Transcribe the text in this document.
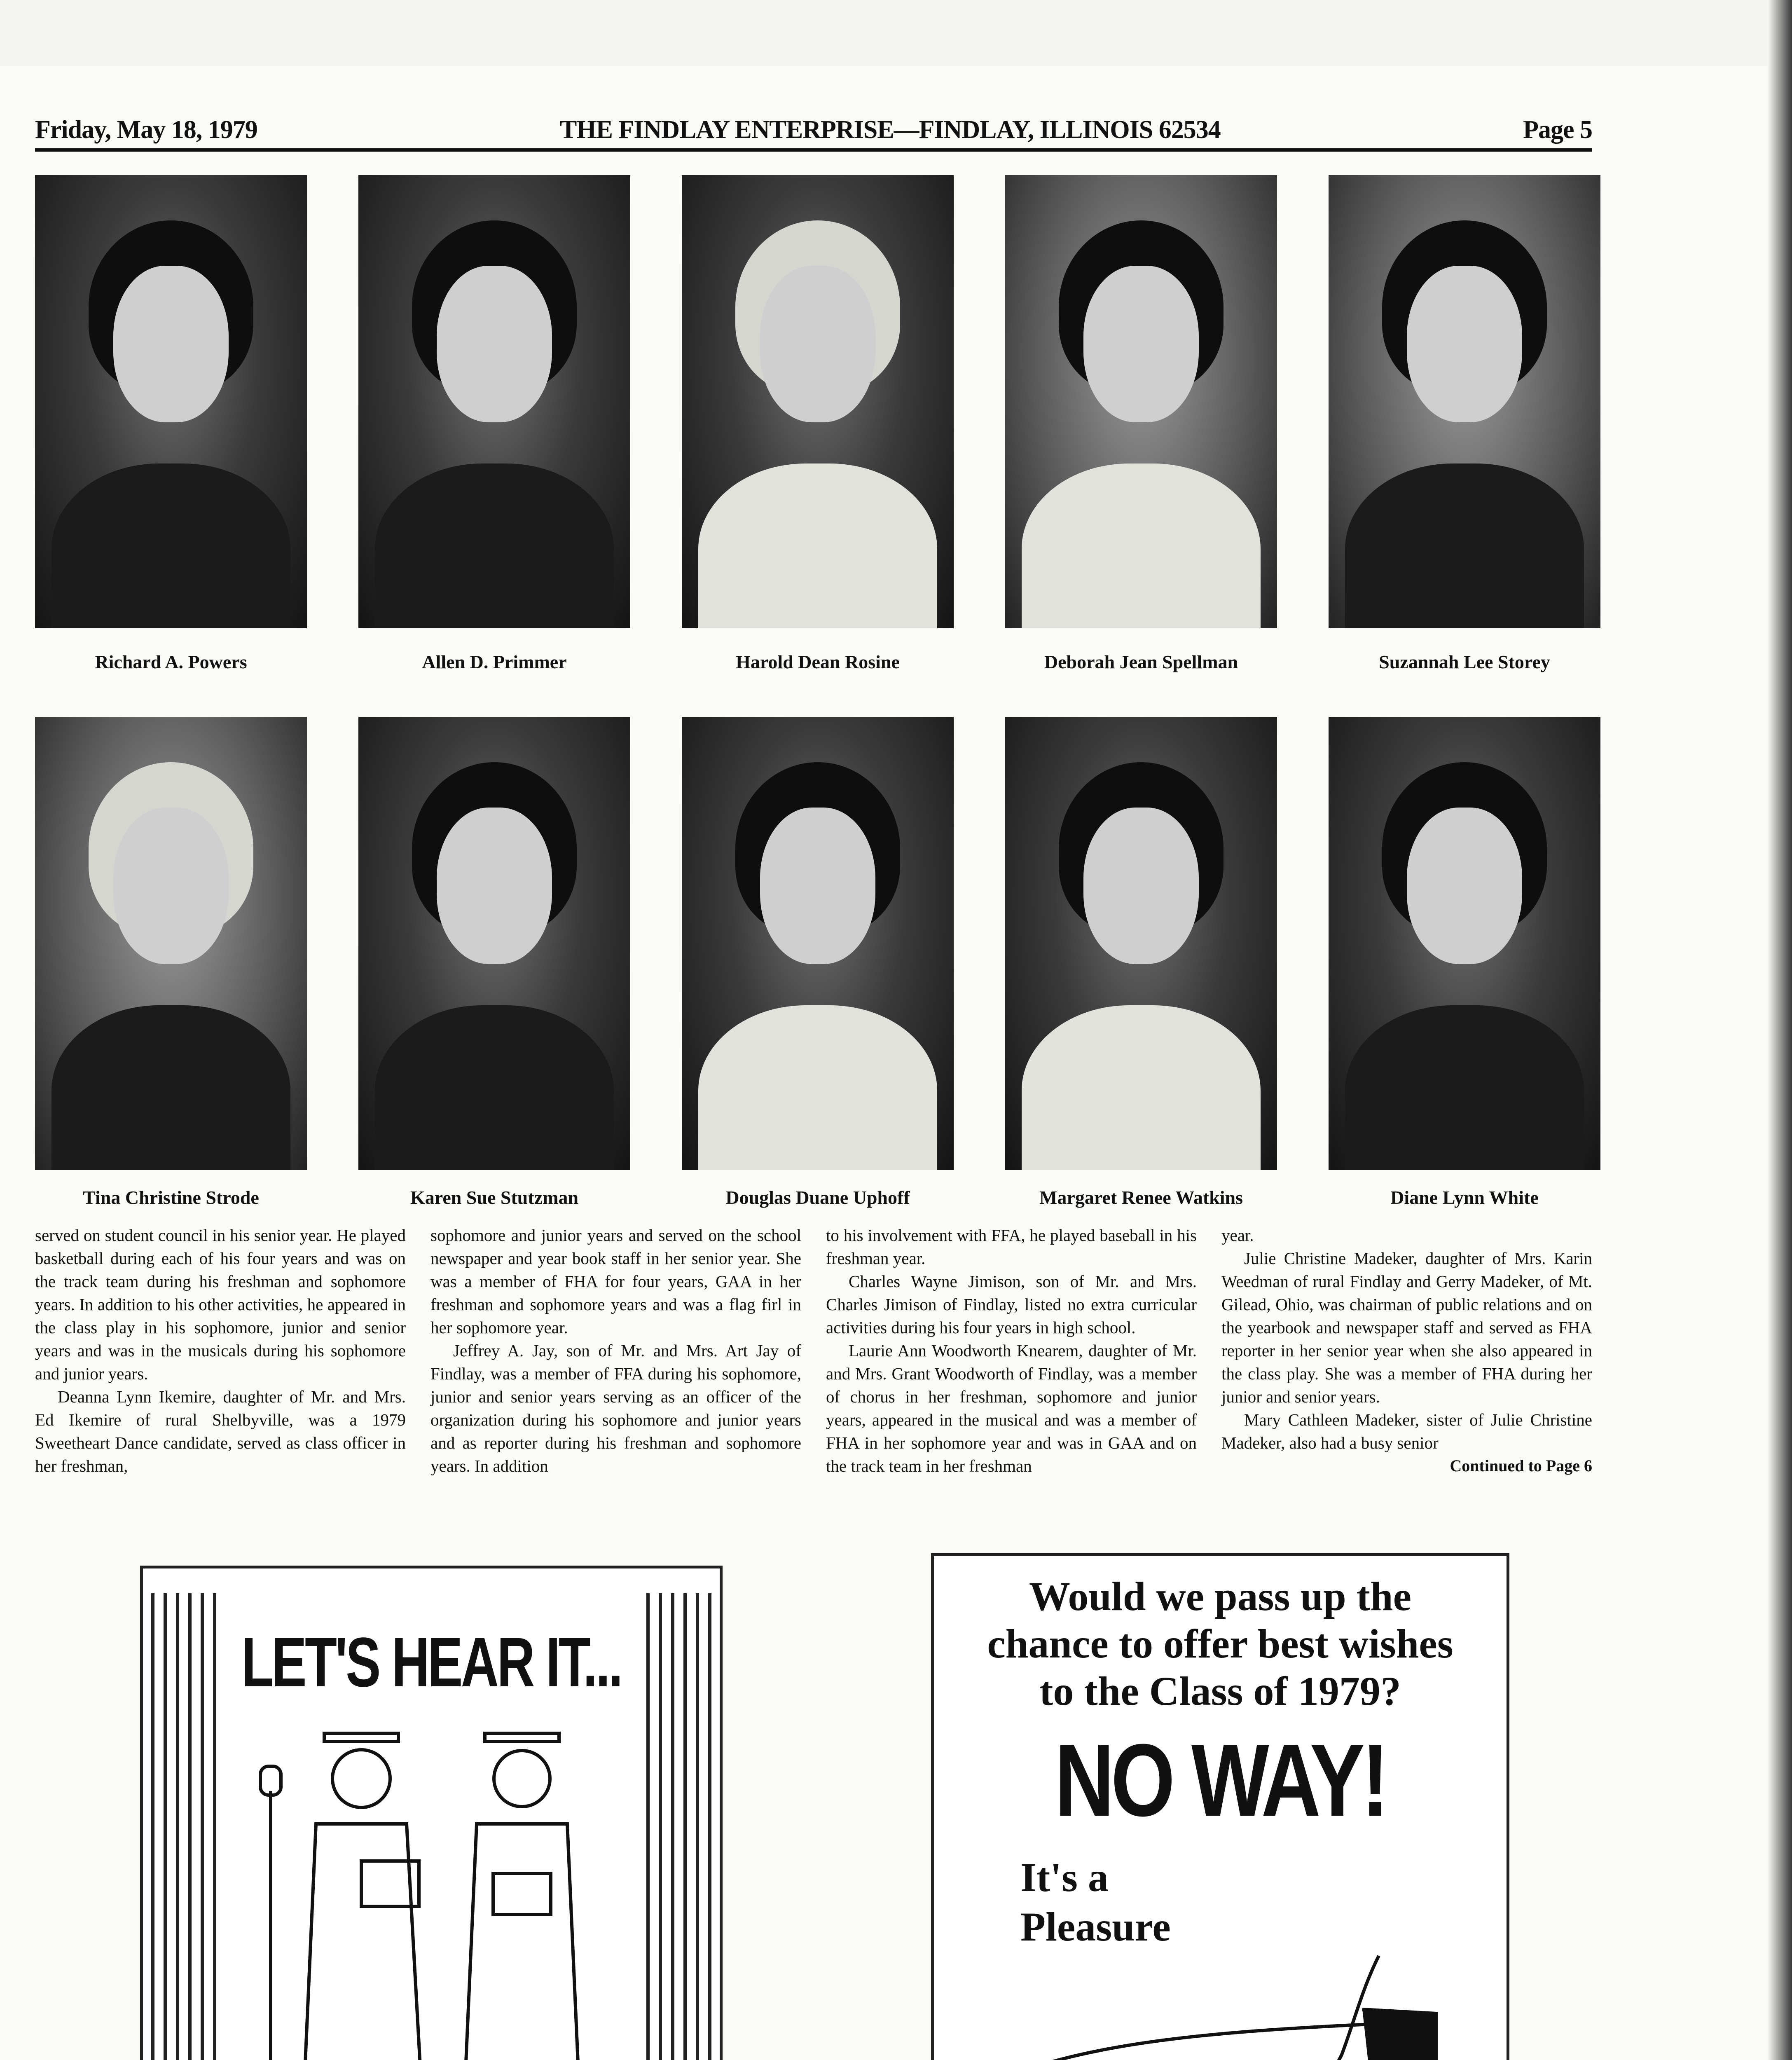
Friday, May 18, 1979	THE FINDLAY ENTERPRISE—FINDLAY, ILLINOIS 62534	Page 5
Richard A. Powers	Allen D. Primmer	Harold Dean Rosine	Deborah Jean Spellman	Suzannah Lee Storey
Tina Christine Strode	Karen Sue Stutzman	Douglas Duane Uphoff	Margaret Renee Watkins	Diane Lynn White

served on student council in his senior year. He played basketball during each of his four years and was on the track team during his freshman and sophomore years. In addition to his other activities, he appeared in the class play in his sophomore, junior and senior years and was in the musicals during his sophomore and junior years.

Deanna Lynn Ikemire, daughter of Mr. and Mrs. Ed Ikemire of rural Shelbyville, was a 1979 Sweetheart Dance candidate, served as class officer in her freshman,

sophomore and junior years and served on the school newspaper and year book staff in her senior year. She was a member of FHA for four years, GAA in her freshman and sophomore years and was a flag firl in her sophomore year.

Jeffrey A. Jay, son of Mr. and Mrs. Art Jay of Findlay, was a member of FFA during his sophomore, junior and senior years serving as an officer of the organization during his sophomore and junior years and as reporter during his freshman and sophomore years. In addition

to his involvement with FFA, he played baseball in his freshman year.

Charles Wayne Jimison, son of Mr. and Mrs. Charles Jimison of Findlay, listed no extra curricular activities during his four years in high school.

Laurie Ann Woodworth Knearem, daughter of Mr. and Mrs. Grant Woodworth of Findlay, was a member of chorus in her freshman, sophomore and junior years, appeared in the musical and was a member of FHA in her sophomore year and was in GAA and on the track team in her freshman

year.

Julie Christine Madeker, daughter of Mrs. Karin Weedman of rural Findlay and Gerry Madeker, of Mt. Gilead, Ohio, was chairman of public relations and on the yearbook and newspaper staff and served as FHA reporter in her senior year when she also appeared in the class play. She was a member of FHA during her junior and senior years.

Mary Cathleen Madeker, sister of Julie Christine Madeker, also had a busy senior

Continued to Page 6
LET'S HEAR IT...
Would we pass up the
chance to offer best wishes
to the Class of 1979?
NO WAY!
It's a
Pleasure
